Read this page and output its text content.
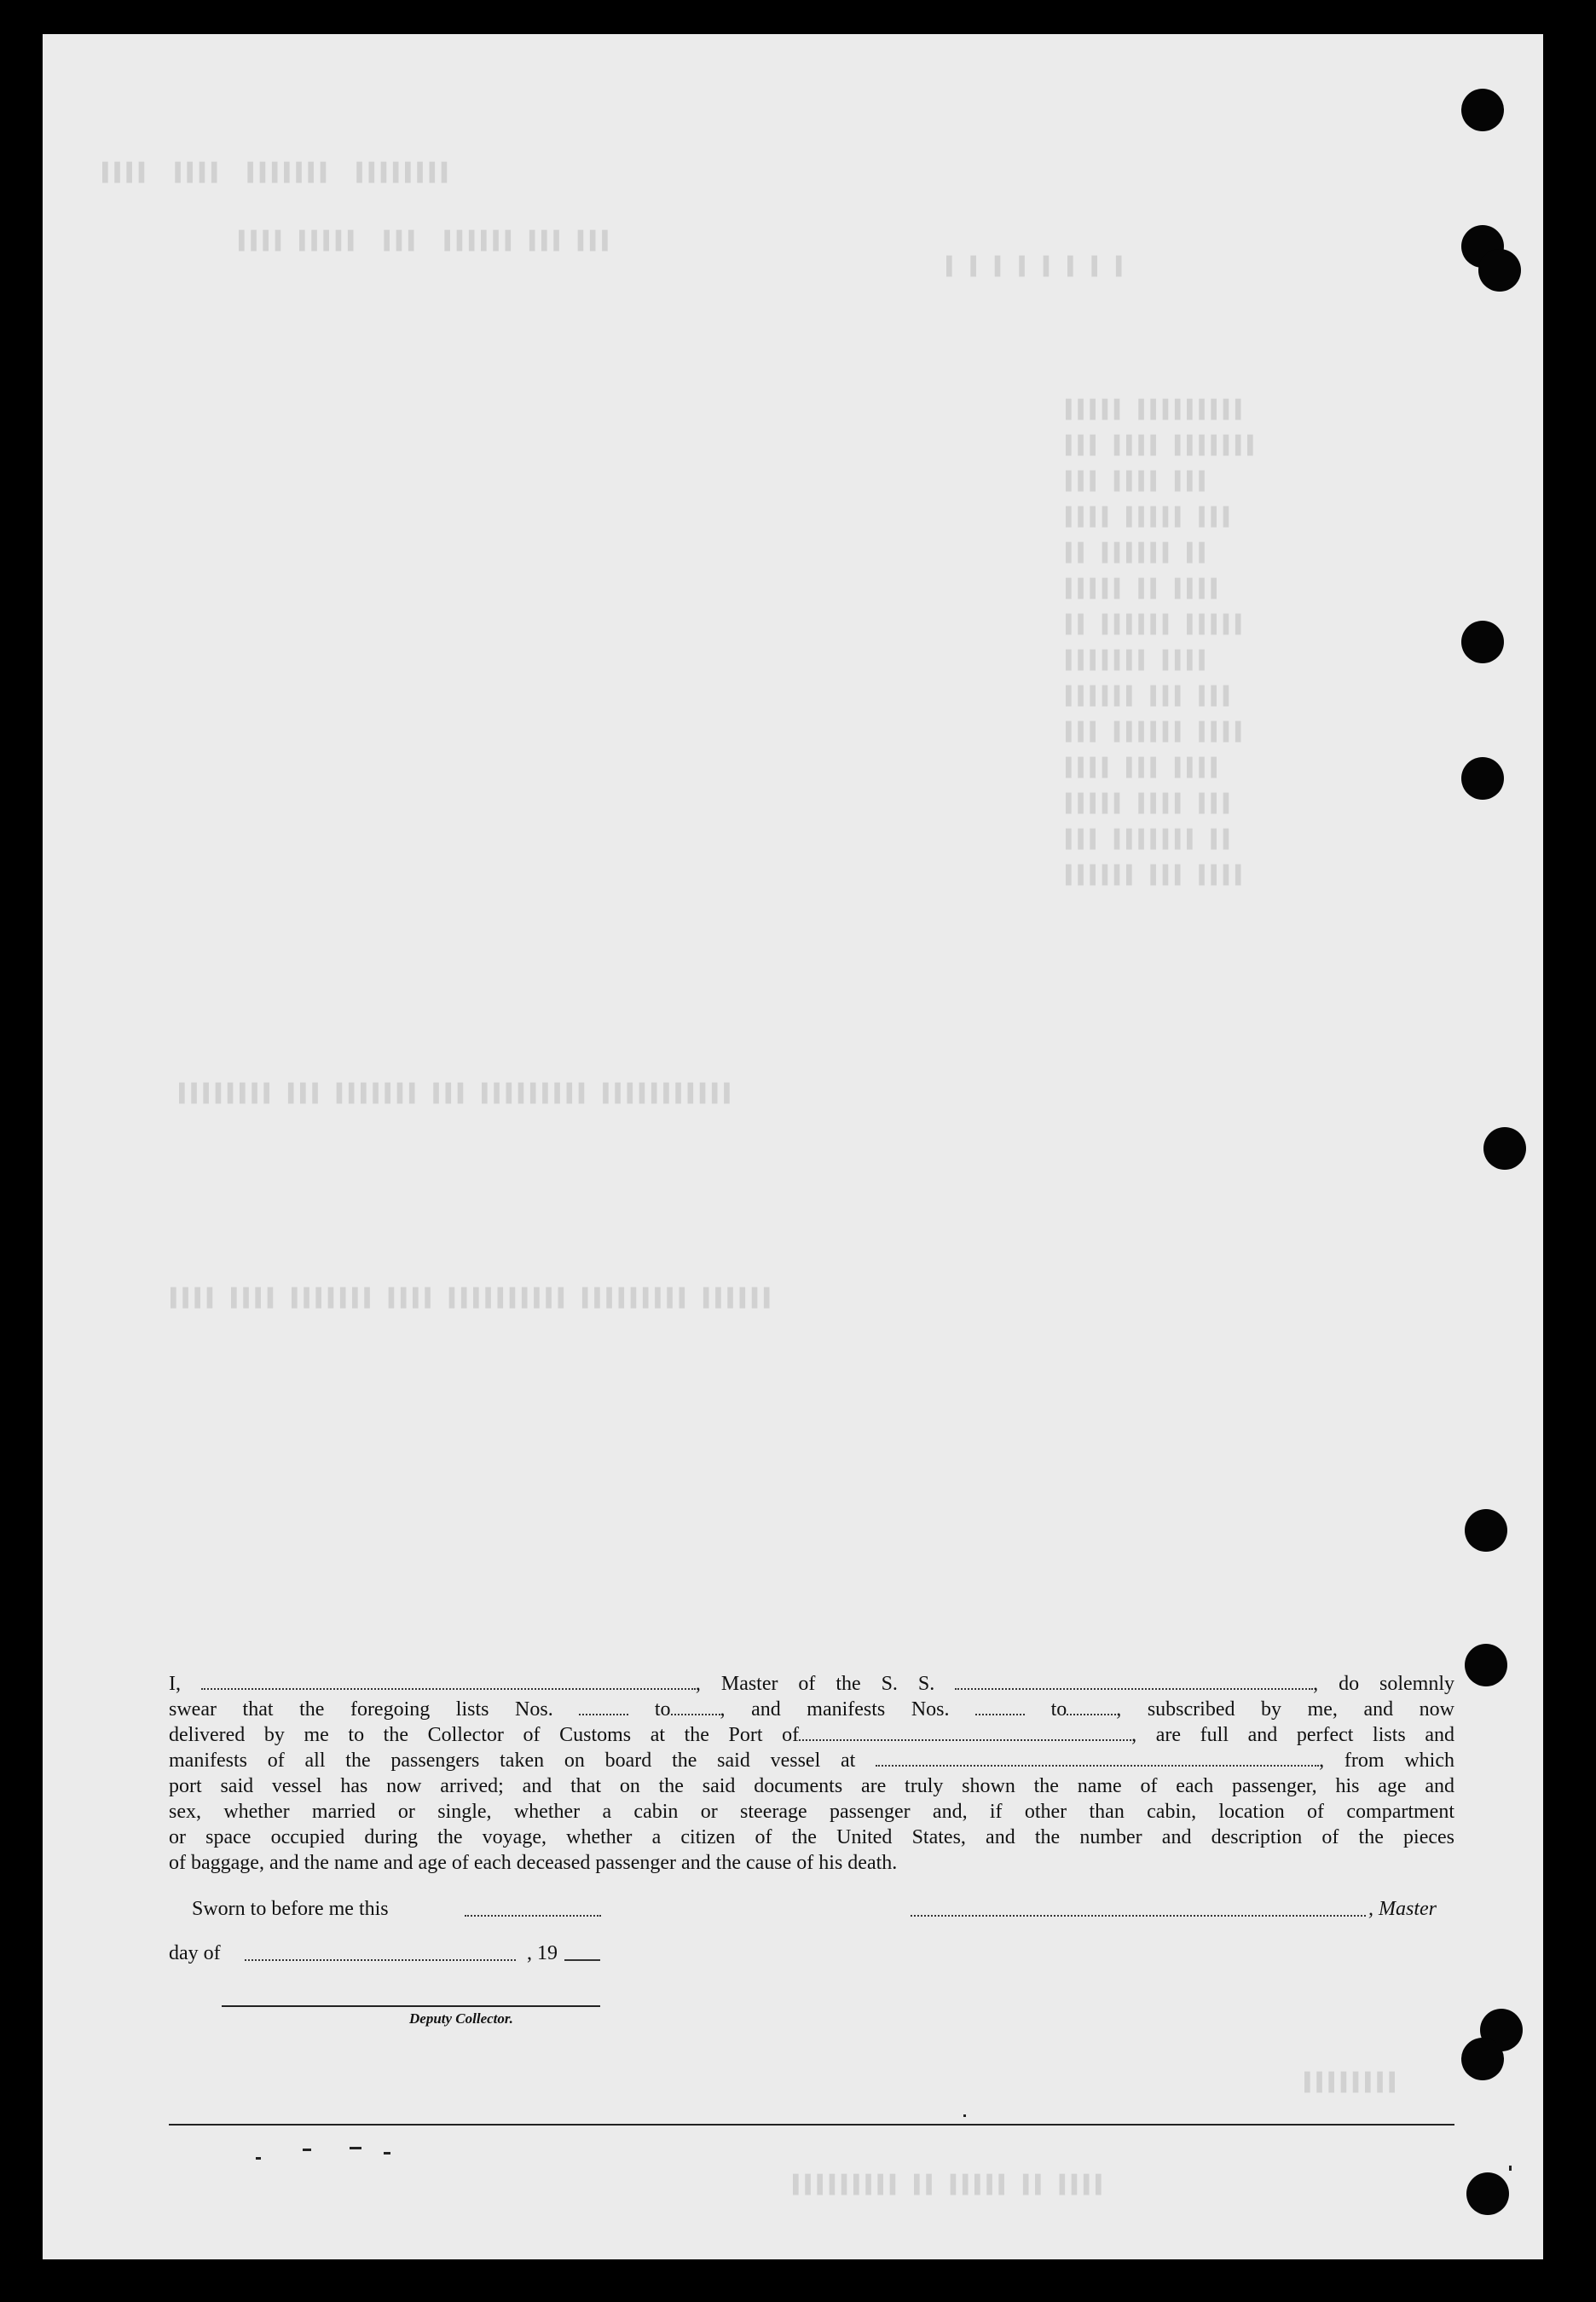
▌▌▌▌  ▌▌▌▌  ▌▌▌▌▌▌▌  ▌▌▌▌▌▌▌▌
▌▌▌▌ ▌▌▌▌▌  ▌▌▌  ▌▌▌▌▌▌ ▌▌▌ ▌▌▌
▌ ▌ ▌ ▌ ▌ ▌ ▌ ▌
▌▌▌▌▌ ▌▌▌▌▌▌▌▌▌
▌▌▌ ▌▌▌▌ ▌▌▌▌▌▌▌
▌▌▌ ▌▌▌▌ ▌▌▌
▌▌▌▌ ▌▌▌▌▌ ▌▌▌
▌▌ ▌▌▌▌▌▌ ▌▌
▌▌▌▌▌ ▌▌ ▌▌▌▌
▌▌ ▌▌▌▌▌▌ ▌▌▌▌▌
▌▌▌▌▌▌▌ ▌▌▌▌
▌▌▌▌▌▌ ▌▌▌ ▌▌▌
▌▌▌ ▌▌▌▌▌▌ ▌▌▌▌
▌▌▌▌ ▌▌▌ ▌▌▌▌
▌▌▌▌▌ ▌▌▌▌ ▌▌▌
▌▌▌ ▌▌▌▌▌▌▌ ▌▌
▌▌▌▌▌▌ ▌▌▌ ▌▌▌▌
▌▌▌▌▌▌▌▌ ▌▌▌ ▌▌▌▌▌▌▌ ▌▌▌ ▌▌▌▌▌▌▌▌▌ ▌▌▌▌▌▌▌▌▌▌▌
▌▌▌▌ ▌▌▌▌ ▌▌▌▌▌▌▌ ▌▌▌▌ ▌▌▌▌▌▌▌▌▌▌ ▌▌▌▌▌▌▌▌▌ ▌▌▌▌▌▌
▌▌▌▌▌▌▌▌
▌▌▌▌▌▌▌▌▌ ▌▌ ▌▌▌▌▌ ▌▌ ▌▌▌▌
I,	, Master of the S. S.	, do solemnly
swear that the foregoing lists Nos.  to , and manifests Nos.  to , subscribed by me, and now
delivered by me to the Collector of Customs at the Port of	, are full and perfect lists and
manifests of all the passengers taken on board the said vessel at	, from which
port said vessel has now arrived; and that on the said documents are truly shown the name of each passenger, his age and
sex, whether married or single, whether a cabin or steerage passenger and, if other than cabin, location of compartment
or space occupied during the voyage, whether a citizen of the United States, and the number and description of the pieces
of baggage, and the name and age of each deceased passenger and the cause of his death.
Sworn to before me this	, Master
day of	, 19
Deputy Collector.
